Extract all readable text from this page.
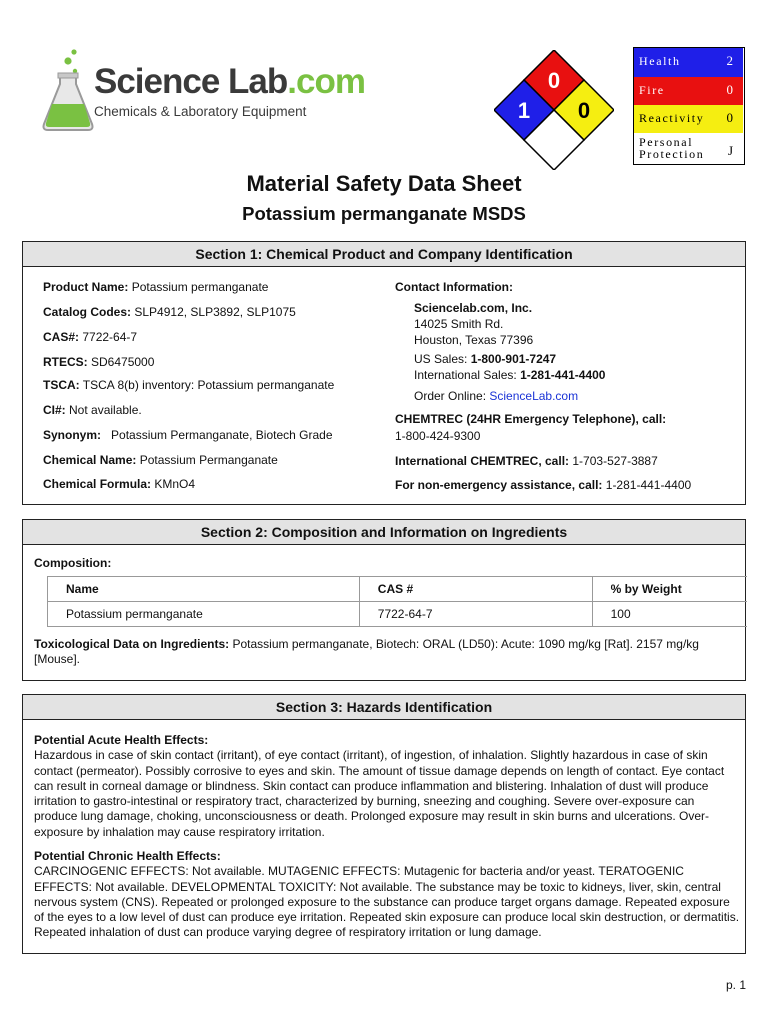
Science Lab.com
Chemicals & Laboratory Equipment
0
1 0
Health	2
Fire	0
Reactivity 0
Personal
Protection J
Material Safety Data Sheet
Potassium permanganate MSDS
Section 1: Chemical Product and Company Identification
Product Name: Potassium permanganate
Catalog Codes: SLP4912, SLP3892, SLP1075
CAS#: 7722-64-7
RTECS: SD6475000
TSCA: TSCA 8(b) inventory: Potassium permanganate
CI#: Not available.
Synonym: Potassium Permanganate, Biotech Grade
Chemical Name: Potassium Permanganate
Chemical Formula: KMnO4
Contact Information:
Sciencelab.com, Inc.
14025 Smith Rd.
Houston, Texas 77396
US Sales: 1-800-901-7247
International Sales: 1-281-441-4400
Order Online: ScienceLab.com
CHEMTREC (24HR Emergency Telephone), call:
1-800-424-9300
International CHEMTREC, call: 1-703-527-3887
For non-emergency assistance, call: 1-281-441-4400
Section 2: Composition and Information on Ingredients
Composition:
Name	CAS #	% by Weight
Potassium permanganate	7722-64-7	100
Toxicological Data on Ingredients: Potassium permanganate, Biotech: ORAL (LD50): Acute: 1090 mg/kg [Rat]. 2157 mg/kg [Mouse].
Section 3: Hazards Identification
Potential Acute Health Effects:
Hazardous in case of skin contact (irritant), of eye contact (irritant), of ingestion, of inhalation. Slightly hazardous in case of skin contact (permeator). Possibly corrosive to eyes and skin. The amount of tissue damage depends on length of contact. Eye contact can result in corneal damage or blindness. Skin contact can produce inflammation and blistering. Inhalation of dust will produce irritation to gastro-intestinal or respiratory tract, characterized by burning, sneezing and coughing. Severe over-exposure can produce lung damage, choking, unconsciousness or death. Prolonged exposure may result in skin burns and ulcerations. Over-exposure by inhalation may cause respiratory irritation.
Potential Chronic Health Effects:
CARCINOGENIC EFFECTS: Not available. MUTAGENIC EFFECTS: Mutagenic for bacteria and/or yeast. TERATOGENIC EFFECTS: Not available. DEVELOPMENTAL TOXICITY: Not available. The substance may be toxic to kidneys, liver, skin, central nervous system (CNS). Repeated or prolonged exposure to the substance can produce target organs damage. Repeated exposure of the eyes to a low level of dust can produce eye irritation. Repeated skin exposure can produce local skin destruction, or dermatitis. Repeated inhalation of dust can produce varying degree of respiratory irritation or lung damage.
p. 1
